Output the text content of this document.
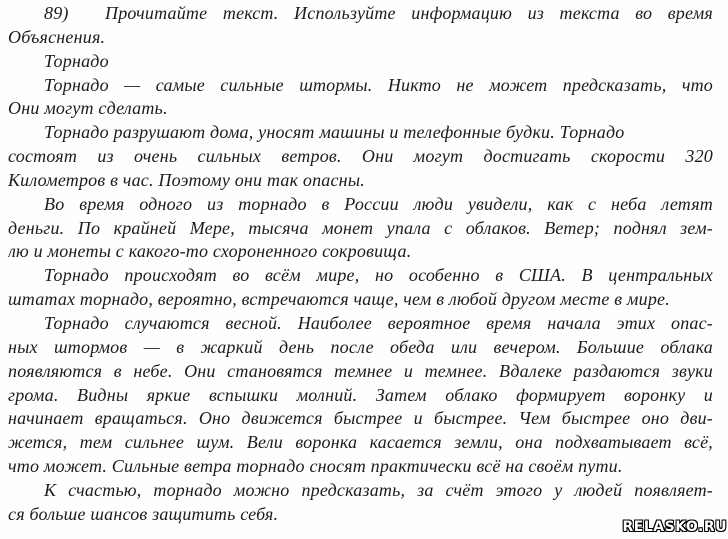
89)  Прочитайте текст. Используйте информацию из текста во время
Объяснения.
Торнадо
Торнадо — самые сильные штормы. Никто не может предсказать, что
Они могут сделать.
Торнадо разрушают дома, уносят машины и телефонные будки. Торнадо
состоят из очень сильных ветров. Они могут достигать скорости 320
Километров в час. Поэтому они так опасны.
Во время одного из торнадо в России люди увидели, как с неба летят
деньги. По крайней Мере, тысяча монет упала с облаков. Ветер; поднял зем-
лю и монеты с какого-то схороненного сокровища.
Торнадо происходят во всём мире, но особенно в США. В центральных
штатах торнадо, вероятно, встречаются чаще, чем в любой другом месте в мире.
Торнадо случаются весной. Наиболее вероятное время начала этих опас-
ных штормов — в жаркий день после обеда или вечером. Большие облака
появляются в небе. Они становятся темнее и темнее. Вдалеке раздаются звуки
грома. Видны яркие вспышки молний. Затем облако формирует воронку и
начинает вращаться. Оно движется быстрее и быстрее. Чем быстрее оно дви-
жется, тем сильнее шум. Вели воронка касается земли, она подхватывает всё,
что может. Сильные ветра торнадо сносят практически всё на своём пути.
К счастью, торнадо можно предсказать, за счёт этого у людей появляет-
ся больше шансов защитить себя.
RELASKO.RU
